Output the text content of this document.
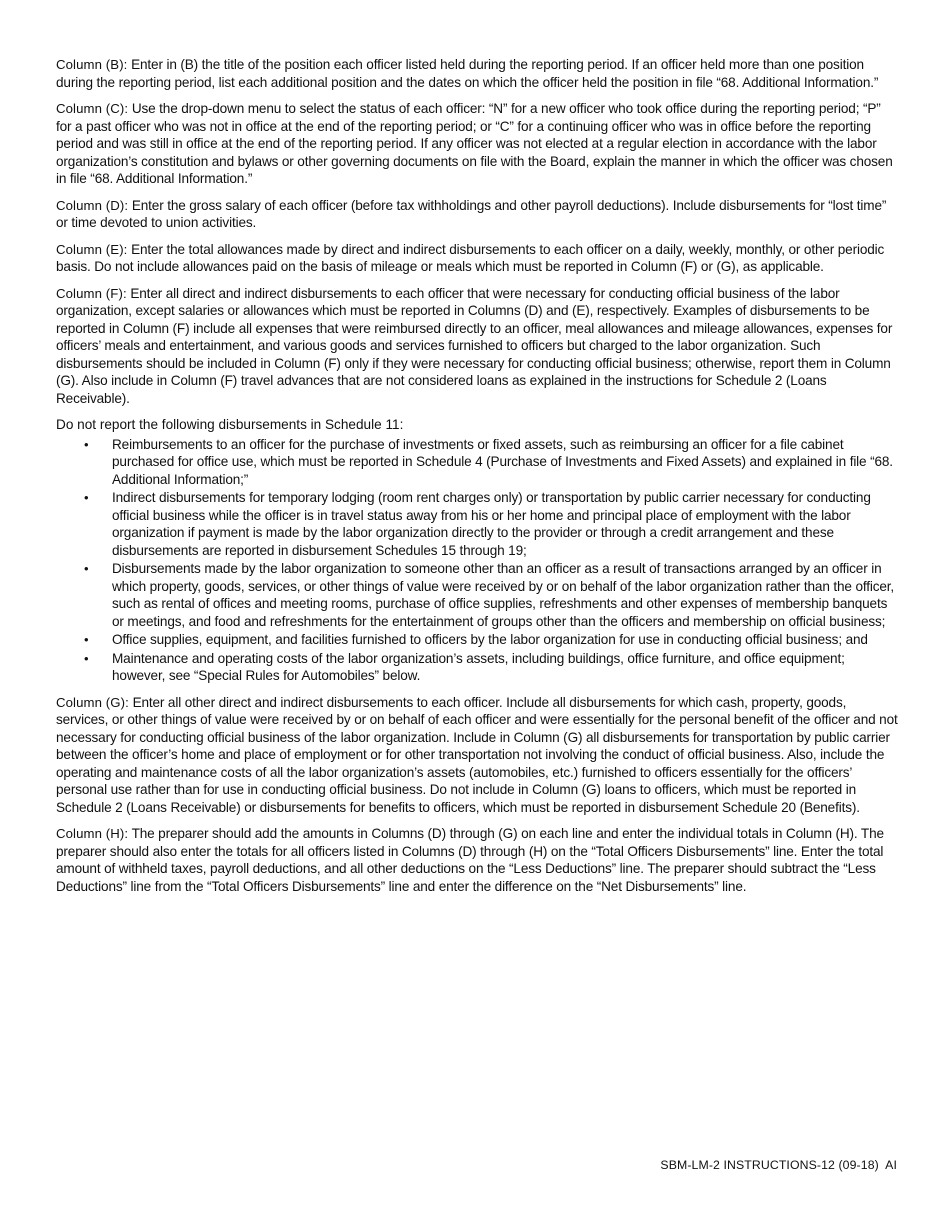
Column (B): Enter in (B) the title of the position each officer listed held during the reporting period. If an officer held more than one position during the reporting period, list each additional position and the dates on which the officer held the position in file “68. Additional Information.”

Column (C): Use the drop-down menu to select the status of each officer: “N” for a new officer who took office during the reporting period; “P” for a past officer who was not in office at the end of the reporting period; or “C” for a continuing officer who was in office before the reporting period and was still in office at the end of the reporting period. If any officer was not elected at a regular election in accordance with the labor organization’s constitution and bylaws or other governing documents on file with the Board, explain the manner in which the officer was chosen in file “68. Additional Information.”

Column (D): Enter the gross salary of each officer (before tax withholdings and other payroll deductions). Include disbursements for “lost time” or time devoted to union activities.

Column (E): Enter the total allowances made by direct and indirect disbursements to each officer on a daily, weekly, monthly, or other periodic basis. Do not include allowances paid on the basis of mileage or meals which must be reported in Column (F) or (G), as applicable.

Column (F): Enter all direct and indirect disbursements to each officer that were necessary for conducting official business of the labor organization, except salaries or allowances which must be reported in Columns (D) and (E), respectively. Examples of disbursements to be reported in Column (F) include all expenses that were reimbursed directly to an officer, meal allowances and mileage allowances, expenses for officers’ meals and entertainment, and various goods and services furnished to officers but charged to the labor organization. Such disbursements should be included in Column (F) only if they were necessary for conducting official business; otherwise, report them in Column (G). Also include in Column (F) travel advances that are not considered loans as explained in the instructions for Schedule 2 (Loans Receivable).

Do not report the following disbursements in Schedule 11:

• Reimbursements to an officer for the purchase of investments or fixed assets, such as reimbursing an officer for a file cabinet purchased for office use, which must be reported in Schedule 4 (Purchase of Investments and Fixed Assets) and explained in file “68. Additional Information;”
• Indirect disbursements for temporary lodging (room rent charges only) or transportation by public carrier necessary for conducting official business while the officer is in travel status away from his or her home and principal place of employment with the labor organization if payment is made by the labor organization directly to the provider or through a credit arrangement and these disbursements are reported in disbursement Schedules 15 through 19;
• Disbursements made by the labor organization to someone other than an officer as a result of transactions arranged by an officer in which property, goods, services, or other things of value were received by or on behalf of the labor organization rather than the officer, such as rental of offices and meeting rooms, purchase of office supplies, refreshments and other expenses of membership banquets or meetings, and food and refreshments for the entertainment of groups other than the officers and membership on official business;
• Office supplies, equipment, and facilities furnished to officers by the labor organization for use in conducting official business; and
• Maintenance and operating costs of the labor organization’s assets, including buildings, office furniture, and office equipment; however, see “Special Rules for Automobiles” below.

Column (G): Enter all other direct and indirect disbursements to each officer. Include all disbursements for which cash, property, goods, services, or other things of value were received by or on behalf of each officer and were essentially for the personal benefit of the officer and not necessary for conducting official business of the labor organization. Include in Column (G) all disbursements for transportation by public carrier between the officer’s home and place of employment or for other transportation not involving the conduct of official business. Also, include the operating and maintenance costs of all the labor organization’s assets (automobiles, etc.) furnished to officers essentially for the officers’ personal use rather than for use in conducting official business. Do not include in Column (G) loans to officers, which must be reported in Schedule 2 (Loans Receivable) or disbursements for benefits to officers, which must be reported in disbursement Schedule 20 (Benefits).

Column (H): The preparer should add the amounts in Columns (D) through (G) on each line and enter the individual totals in Column (H). The preparer should also enter the totals for all officers listed in Columns (D) through (H) on the “Total Officers Disbursements” line. Enter the total amount of withheld taxes, payroll deductions, and all other deductions on the “Less Deductions” line. The preparer should subtract the “Less Deductions” line from the “Total Officers Disbursements” line and enter the difference on the “Net Disbursements” line.

SBM-LM-2 INSTRUCTIONS-12 (09-18)  AI
